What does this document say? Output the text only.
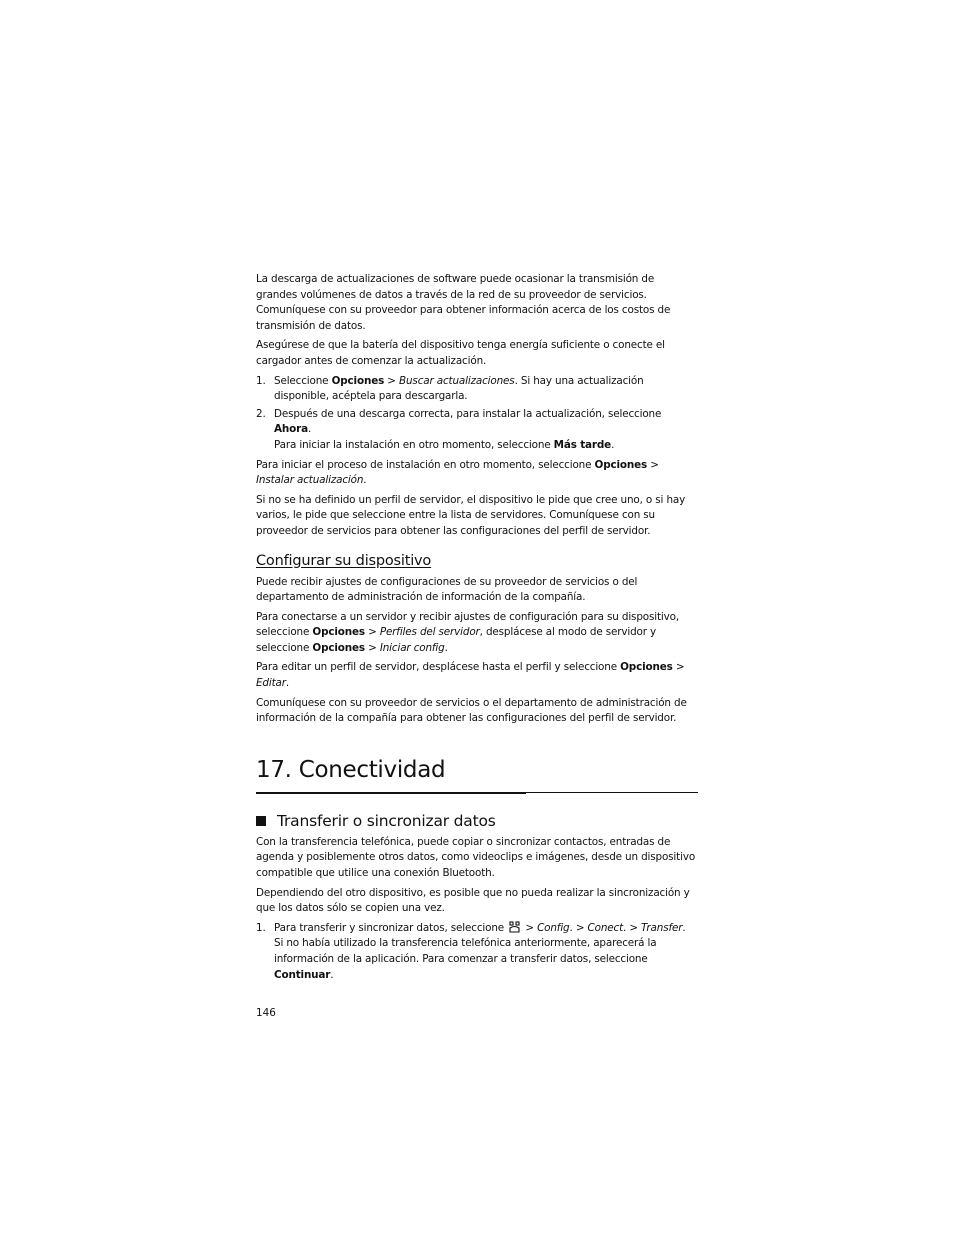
La descarga de actualizaciones de software puede ocasionar la transmisión de grandes volúmenes de datos a través de la red de su proveedor de servicios. Comuníquese con su proveedor para obtener información acerca de los costos de transmisión de datos.

Asegúrese de que la batería del dispositivo tenga energía suficiente o conecte el cargador antes de comenzar la actualización.

1. Seleccione Opciones > Buscar actualizaciones. Si hay una actualización disponible, acéptela para descargarla.
2. Después de una descarga correcta, para instalar la actualización, seleccione Ahora.
Para iniciar la instalación en otro momento, seleccione Más tarde.

Para iniciar el proceso de instalación en otro momento, seleccione Opciones >
Instalar actualización.

Si no se ha definido un perfil de servidor, el dispositivo le pide que cree uno, o si hay varios, le pide que seleccione entre la lista de servidores. Comuníquese con su proveedor de servicios para obtener las configuraciones del perfil de servidor.

Configurar su dispositivo

Puede recibir ajustes de configuraciones de su proveedor de servicios o del departamento de administración de información de la compañía.

Para conectarse a un servidor y recibir ajustes de configuración para su dispositivo, seleccione Opciones > Perfiles del servidor, desplácese al modo de servidor y seleccione Opciones > Iniciar config.

Para editar un perfil de servidor, desplácese hasta el perfil y seleccione Opciones > Editar.

Comuníquese con su proveedor de servicios o el departamento de administración de información de la compañía para obtener las configuraciones del perfil de servidor.

17. Conectividad
Transferir o sincronizar datos

Con la transferencia telefónica, puede copiar o sincronizar contactos, entradas de agenda y posiblemente otros datos, como videoclips e imágenes, desde un dispositivo compatible que utilice una conexión Bluetooth.

Dependiendo del otro dispositivo, es posible que no pueda realizar la sincronización y que los datos sólo se copien una vez.

1. Para transferir y sincronizar datos, seleccione  > Config. > Conect. > Transfer.
Si no había utilizado la transferencia telefónica anteriormente, aparecerá la información de la aplicación. Para comenzar a transferir datos, seleccione Continuar.
146
